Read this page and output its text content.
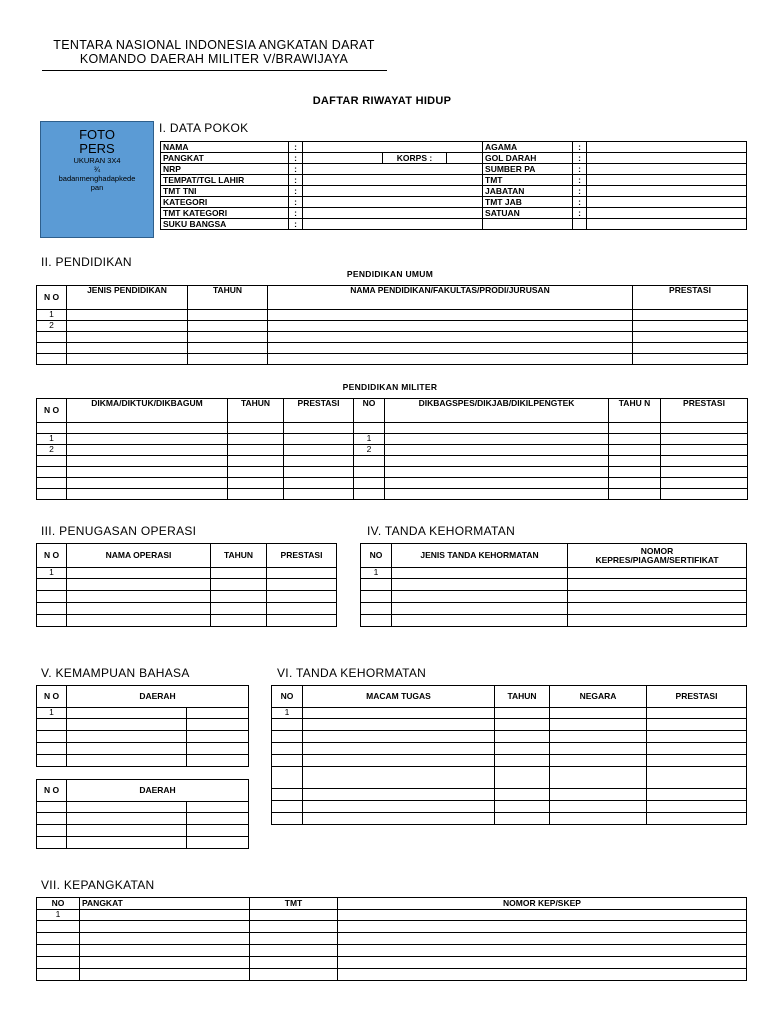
TENTARA NASIONAL INDONESIA ANGKATAN DARAT
KOMANDO DAERAH MILITER V/BRAWIJAYA
DAFTAR RIWAYAT HIDUP
FOTO
PERS
UKURAN 3X4
¾
badanmenghadapkede
pan
I. DATA POKOK
NAMA	:				AGAMA	:	
PANGKAT	:		KORPS :		GOL DARAH	:	
NRP	:				SUMBER PA	:	
TEMPAT/TGL LAHIR	:				TMT	:	
TMT TNI	:				JABATAN	:	
KATEGORI	:				TMT JAB	:	
TMT KATEGORI	:				SATUAN	:	
SUKU BANGSA	:						
II. PENDIDIKAN
PENDIDIKAN UMUM
N O	JENIS PENDIDIKAN	TAHUN	NAMA PENDIDIKAN/FAKULTAS/PRODI/JURUSAN	PRESTASI
1				
2				

PENDIDIKAN MILITER
N O	DIKMA/DIKTUK/DIKBAGUM	TAHUN	PRESTASI	NO	DIKBAGSPES/DIKJAB/DIKILPENGTEK	TAHU N	PRESTASI

1				1			
2				2			

III. PENUGASAN OPERASI
N O	NAMA OPERASI	TAHUN	PRESTASI
1			

IV. TANDA KEHORMATAN
NO	JENIS TANDA KEHORMATAN	NOMOR
KEPRES/PIAGAM/SERTIFIKAT

1		

V. KEMAMPUAN BAHASA
N O	DAERAH	
1		

N O	DAERAH	

VI. TANDA KEHORMATAN
NO	MACAM TUGAS	TAHUN	NEGARA	PRESTASI
1				

VII. KEPANGKATAN
NO	PANGKAT	TMT	NOMOR KEP/SKEP
1			
